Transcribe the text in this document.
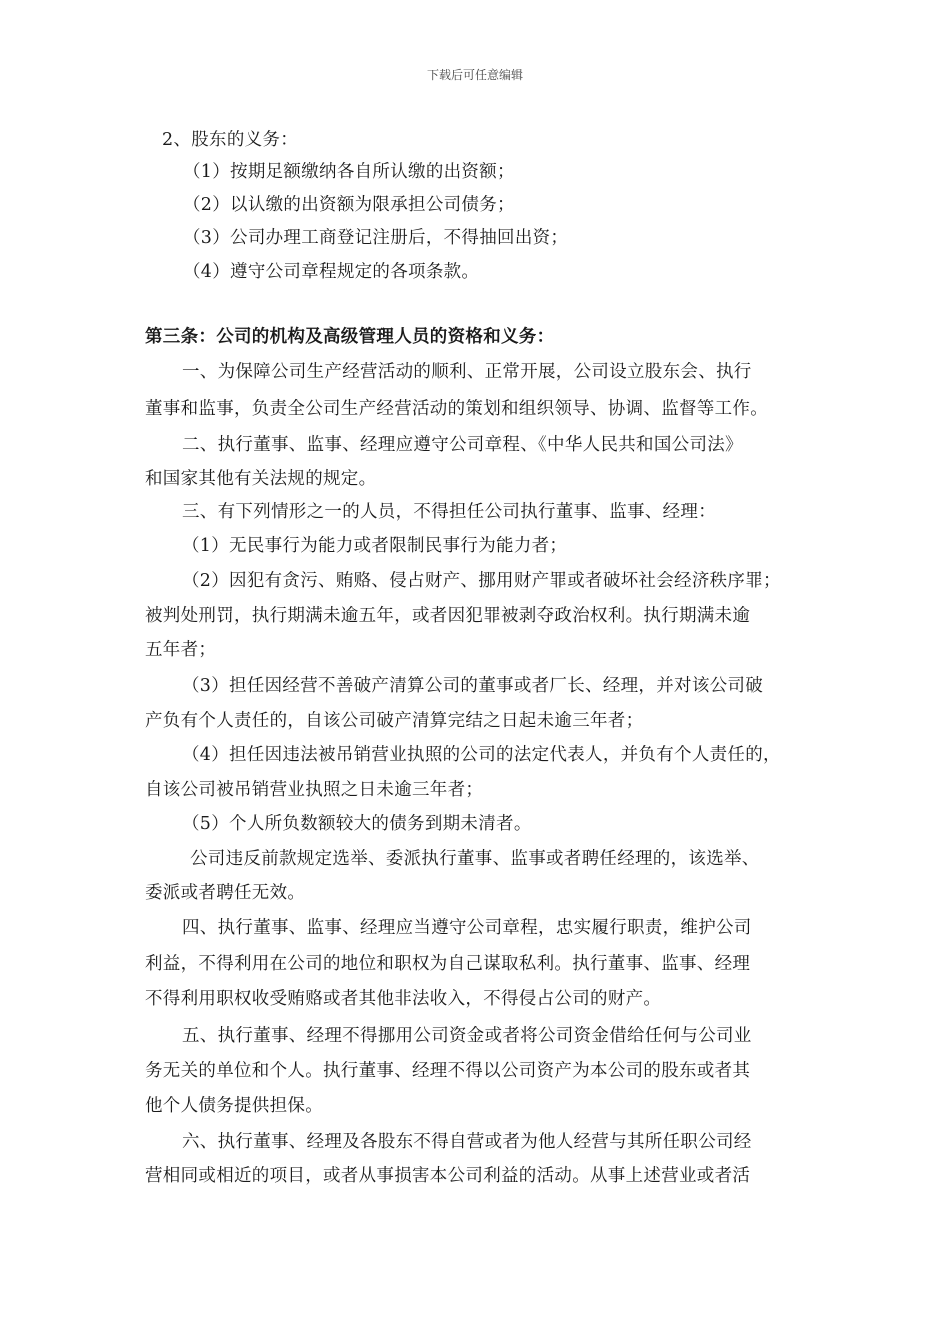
下载后可任意编辑
2、股东的义务：
（1）按期足额缴纳各自所认缴的出资额；
（2）以认缴的出资额为限承担公司债务；
（3）公司办理工商登记注册后，不得抽回出资；
（4）遵守公司章程规定的各项条款。
第三条：公司的机构及高级管理人员的资格和义务：
一、为保障公司生产经营活动的顺利、正常开展，公司设立股东会、执行
董事和监事，负责全公司生产经营活动的策划和组织领导、协调、监督等工作。
二、执行董事、监事、经理应遵守公司章程、《中华人民共和国公司法》
和国家其他有关法规的规定。
三、有下列情形之一的人员，不得担任公司执行董事、监事、经理：
（1）无民事行为能力或者限制民事行为能力者；
（2）因犯有贪污、贿赂、侵占财产、挪用财产罪或者破坏社会经济秩序罪；
被判处刑罚，执行期满未逾五年，或者因犯罪被剥夺政治权利。执行期满未逾
五年者；
（3）担任因经营不善破产清算公司的董事或者厂长、经理，并对该公司破
产负有个人责任的，自该公司破产清算完结之日起未逾三年者；
（4）担任因违法被吊销营业执照的公司的法定代表人，并负有个人责任的，
自该公司被吊销营业执照之日未逾三年者；
（5）个人所负数额较大的债务到期未清者。
公司违反前款规定选举、委派执行董事、监事或者聘任经理的，该选举、
委派或者聘任无效。
四、执行董事、监事、经理应当遵守公司章程，忠实履行职责，维护公司
利益，不得利用在公司的地位和职权为自己谋取私利。执行董事、监事、经理
不得利用职权收受贿赂或者其他非法收入，不得侵占公司的财产。
五、执行董事、经理不得挪用公司资金或者将公司资金借给任何与公司业
务无关的单位和个人。执行董事、经理不得以公司资产为本公司的股东或者其
他个人债务提供担保。
六、执行董事、经理及各股东不得自营或者为他人经营与其所任职公司经
营相同或相近的项目，或者从事损害本公司利益的活动。从事上述营业或者活
